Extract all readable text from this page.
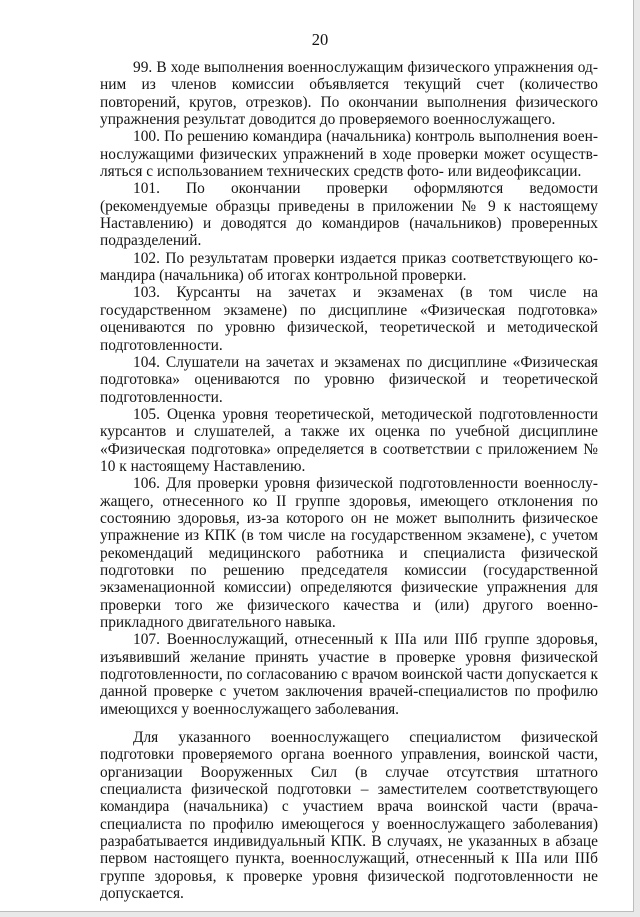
20

99. В ходе выполнения военнослужащим физического упражнения одним из членов комиссии объявляется текущий счет (количество повторений, кругов, отрезков). По окончании выполнения физического упражнения результат доводится до проверяемого военнослужащего.

100. По решению командира (начальника) контроль выполнения военнослужащими физических упражнений в ходе проверки может осуществляться с использованием технических средств фото- или видеофиксации.

101. По окончании проверки оформляются ведомости (рекомендуемые образцы приведены в приложении № 9 к настоящему Наставлению) и доводятся до командиров (начальников) проверенных подразделений.

102. По результатам проверки издается приказ соответствующего командира (начальника) об итогах контрольной проверки.

103. Курсанты на зачетах и экзаменах (в том числе на государственном экзамене) по дисциплине «Физическая подготовка» оцениваются по уровню физической, теоретической и методической подготовленности.

104. Слушатели на зачетах и экзаменах по дисциплине «Физическая подготовка» оцениваются по уровню физической и теоретической подготовленности.

105. Оценка уровня теоретической, методической подготовленности курсантов и слушателей, а также их оценка по учебной дисциплине «Физическая подготовка» определяется в соответствии с приложением № 10 к настоящему Наставлению.

106. Для проверки уровня физической подготовленности военнослужащего, отнесенного ко II группе здоровья, имеющего отклонения по состоянию здоровья, из-за которого он не может выполнить физическое упражнение из КПК (в том числе на государственном экзамене), с учетом рекомендаций медицинского работника и специалиста физической подготовки по решению председателя комиссии (государственной экзаменационной комиссии) определяются физические упражнения для проверки того же физического качества и (или) другого военно-прикладного двигательного навыка.

107. Военнослужащий, отнесенный к IIIа или IIIб группе здоровья, изъявивший желание принять участие в проверке уровня физической подготовленности, по согласованию с врачом воинской части допускается к данной проверке с учетом заключения врачей-специалистов по профилю имеющихся у военнослужащего заболевания.

Для указанного военнослужащего специалистом физической подготовки проверяемого органа военного управления, воинской части, организации Вооруженных Сил (в случае отсутствия штатного специалиста физической подготовки – заместителем соответствующего командира (начальника) с участием врача воинской части (врача-специалиста по профилю имеющегося у военнослужащего заболевания) разрабатывается индивидуальный КПК. В случаях, не указанных в абзаце первом настоящего пункта, военнослужащий, отнесенный к IIIа или IIIб группе здоровья, к проверке уровня физической подготовленности не допускается.
